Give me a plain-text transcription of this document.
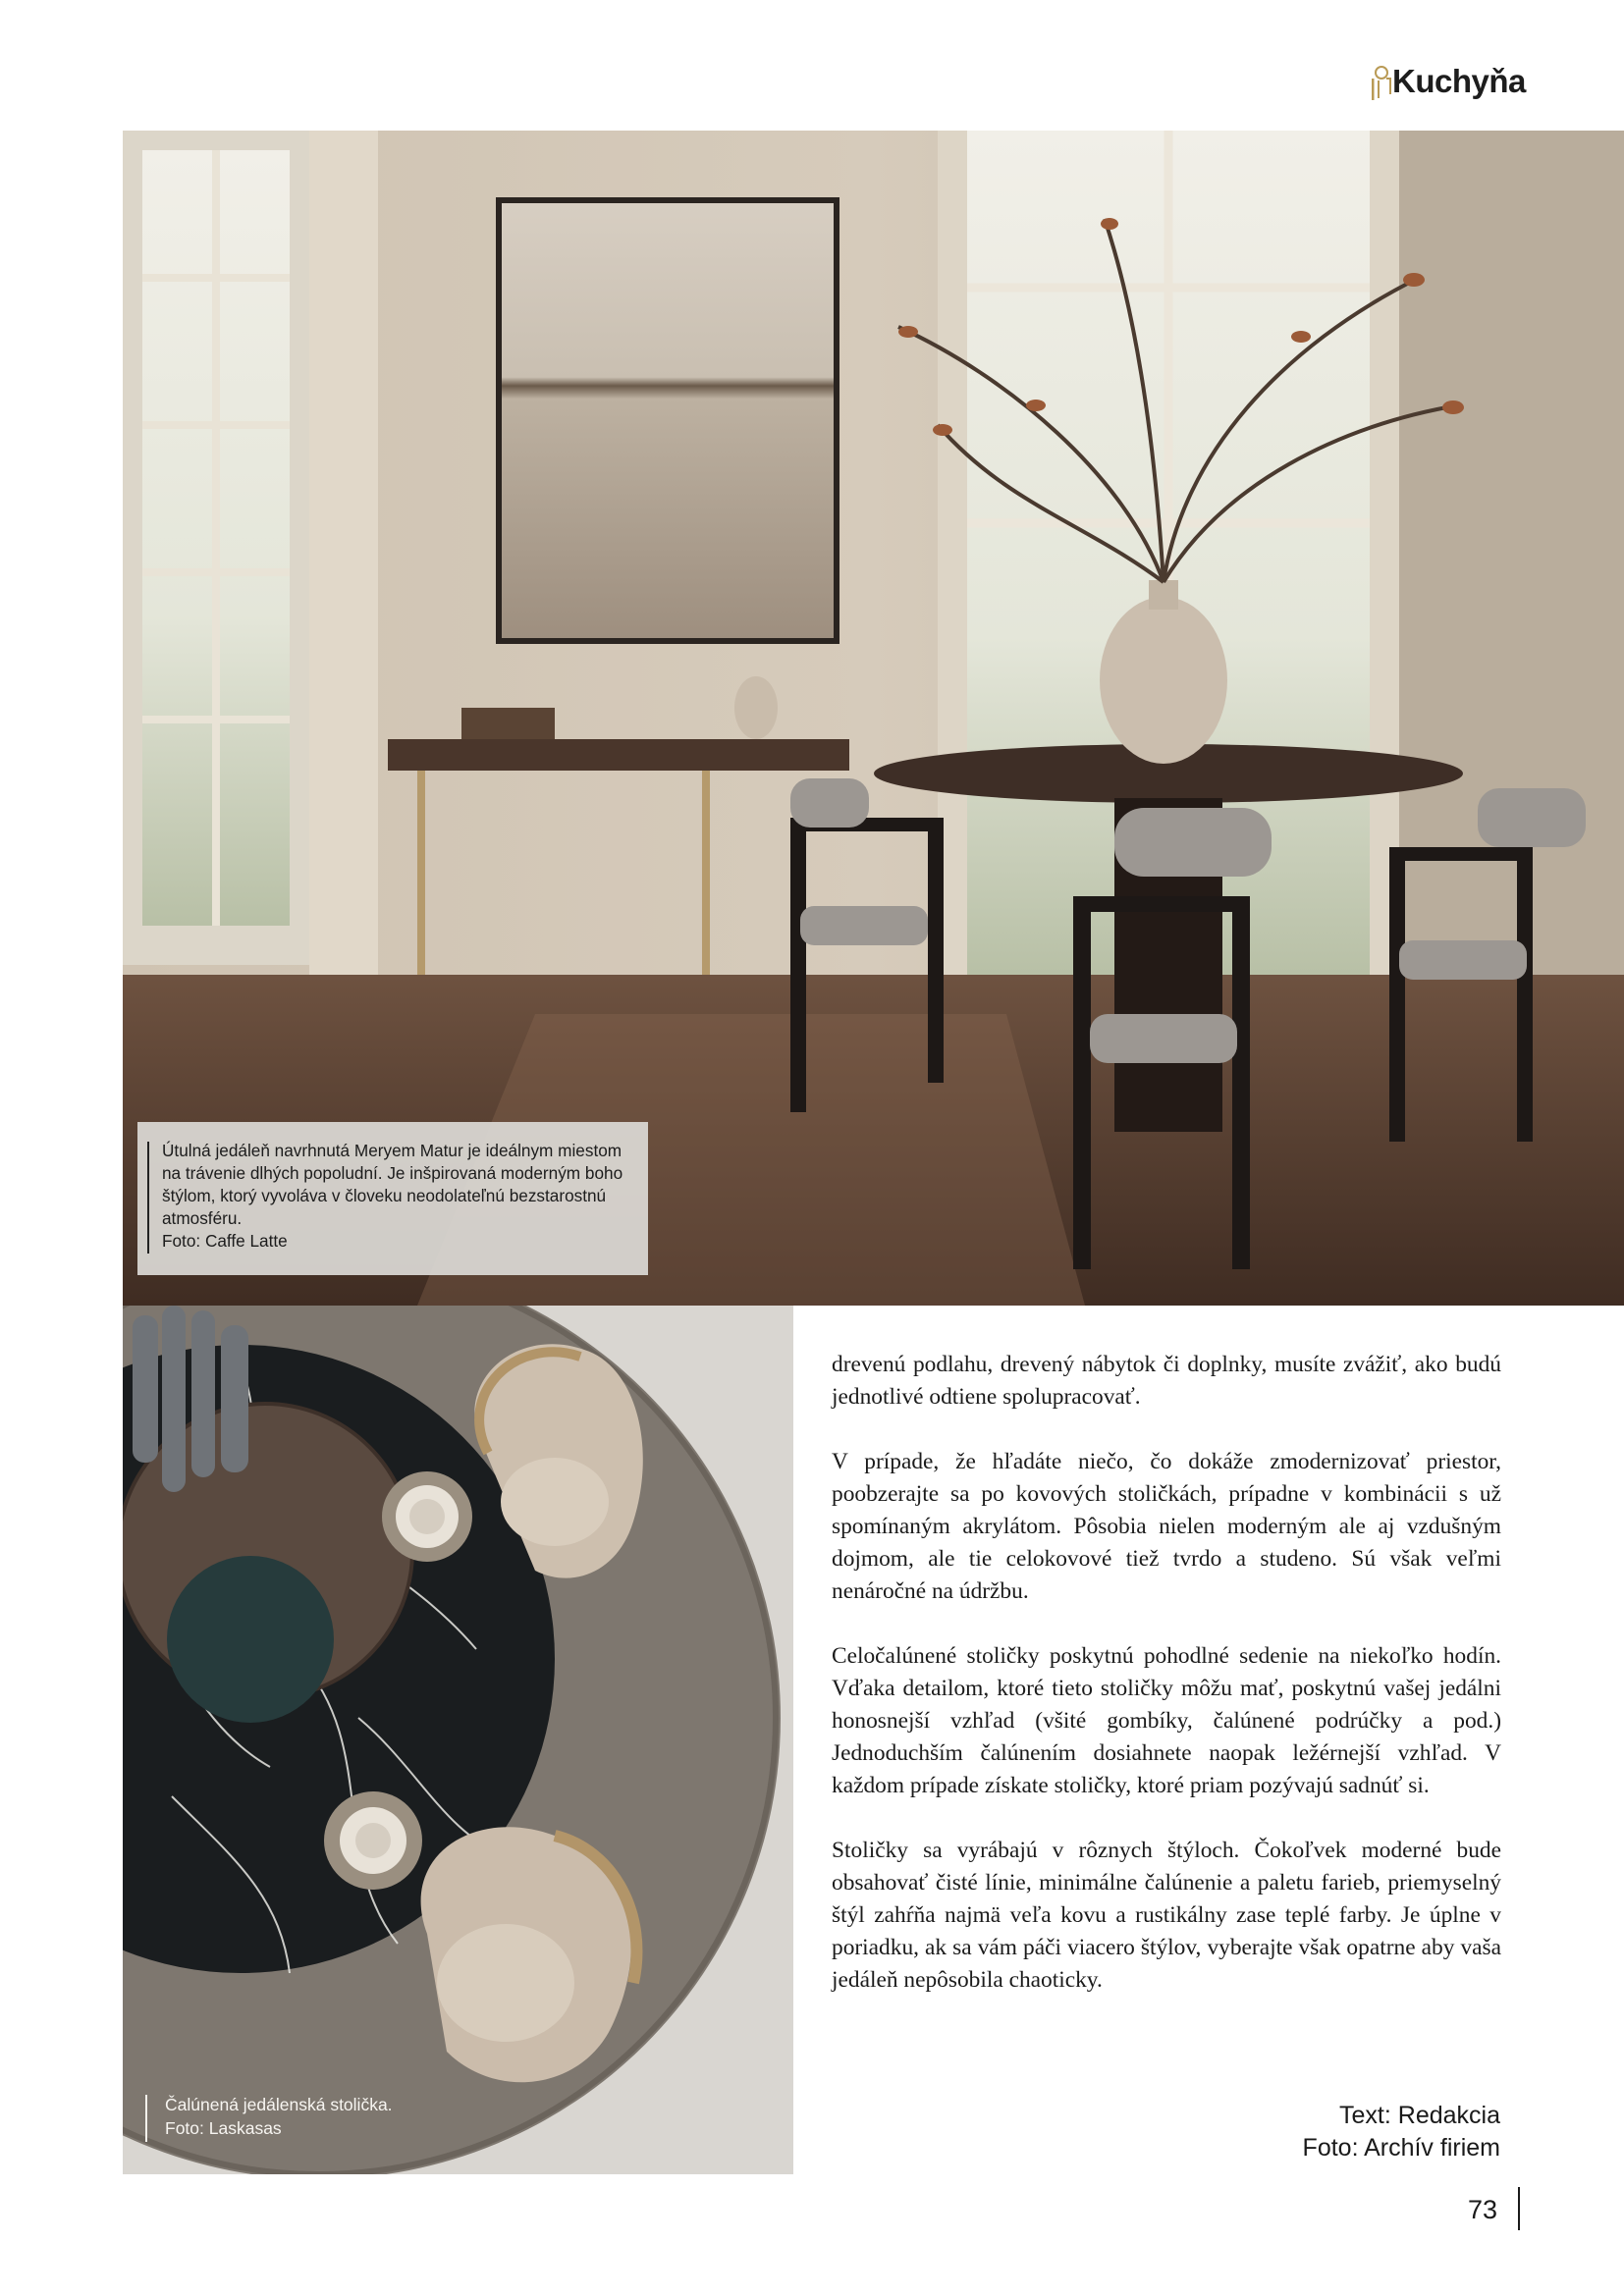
Kuchyňa
Útulná jedáleň navrhnutá Meryem Matur je ideálnym miestom na trávenie dlhých popoludní. Je inšpirovaná moderným boho štýlom, ktorý vyvoláva v človeku neodolateľnú bezstarostnú atmosféru.
Foto: Caffe Latte
Čalúnená jedálenská stolička.
Foto: Laskasas

drevenú podlahu, drevený nábytok či doplnky, musíte zvážiť, ako budú jednotlivé odtiene spolupracovať.

V prípade, že hľadáte niečo, čo dokáže zmodernizovať priestor, poobzerajte sa po kovových stoličkách, prípadne v kombinácii s už spomínaným akrylátom. Pôsobia nielen moderným ale aj vzdušným dojmom, ale tie celokovové tiež tvrdo a studeno. Sú však veľmi nenáročné na údržbu.

Celočalúnené stoličky poskytnú pohodlné sedenie na niekoľko hodín. Vďaka detailom, ktoré tieto stoličky môžu mať, poskytnú vašej jedálni honosnejší vzhľad (všité gombíky, čalúnené podrúčky a pod.) Jednoduchším čalúnením dosiahnete naopak ležérnejší vzhľad. V každom prípade získate stoličky, ktoré priam pozývajú sadnúť si.

Stoličky sa vyrábajú v rôznych štýloch. Čokoľvek moderné bude obsahovať čisté línie, minimálne čalúnenie a paletu farieb, priemyselný štýl zahŕňa najmä veľa kovu a rustikálny zase teplé farby. Je úplne v poriadku, ak sa vám páči viacero štýlov, vyberajte však opatrne aby vaša jedáleň nepôsobila chaoticky.

Text: Redakcia
Foto: Archív firiem
73
